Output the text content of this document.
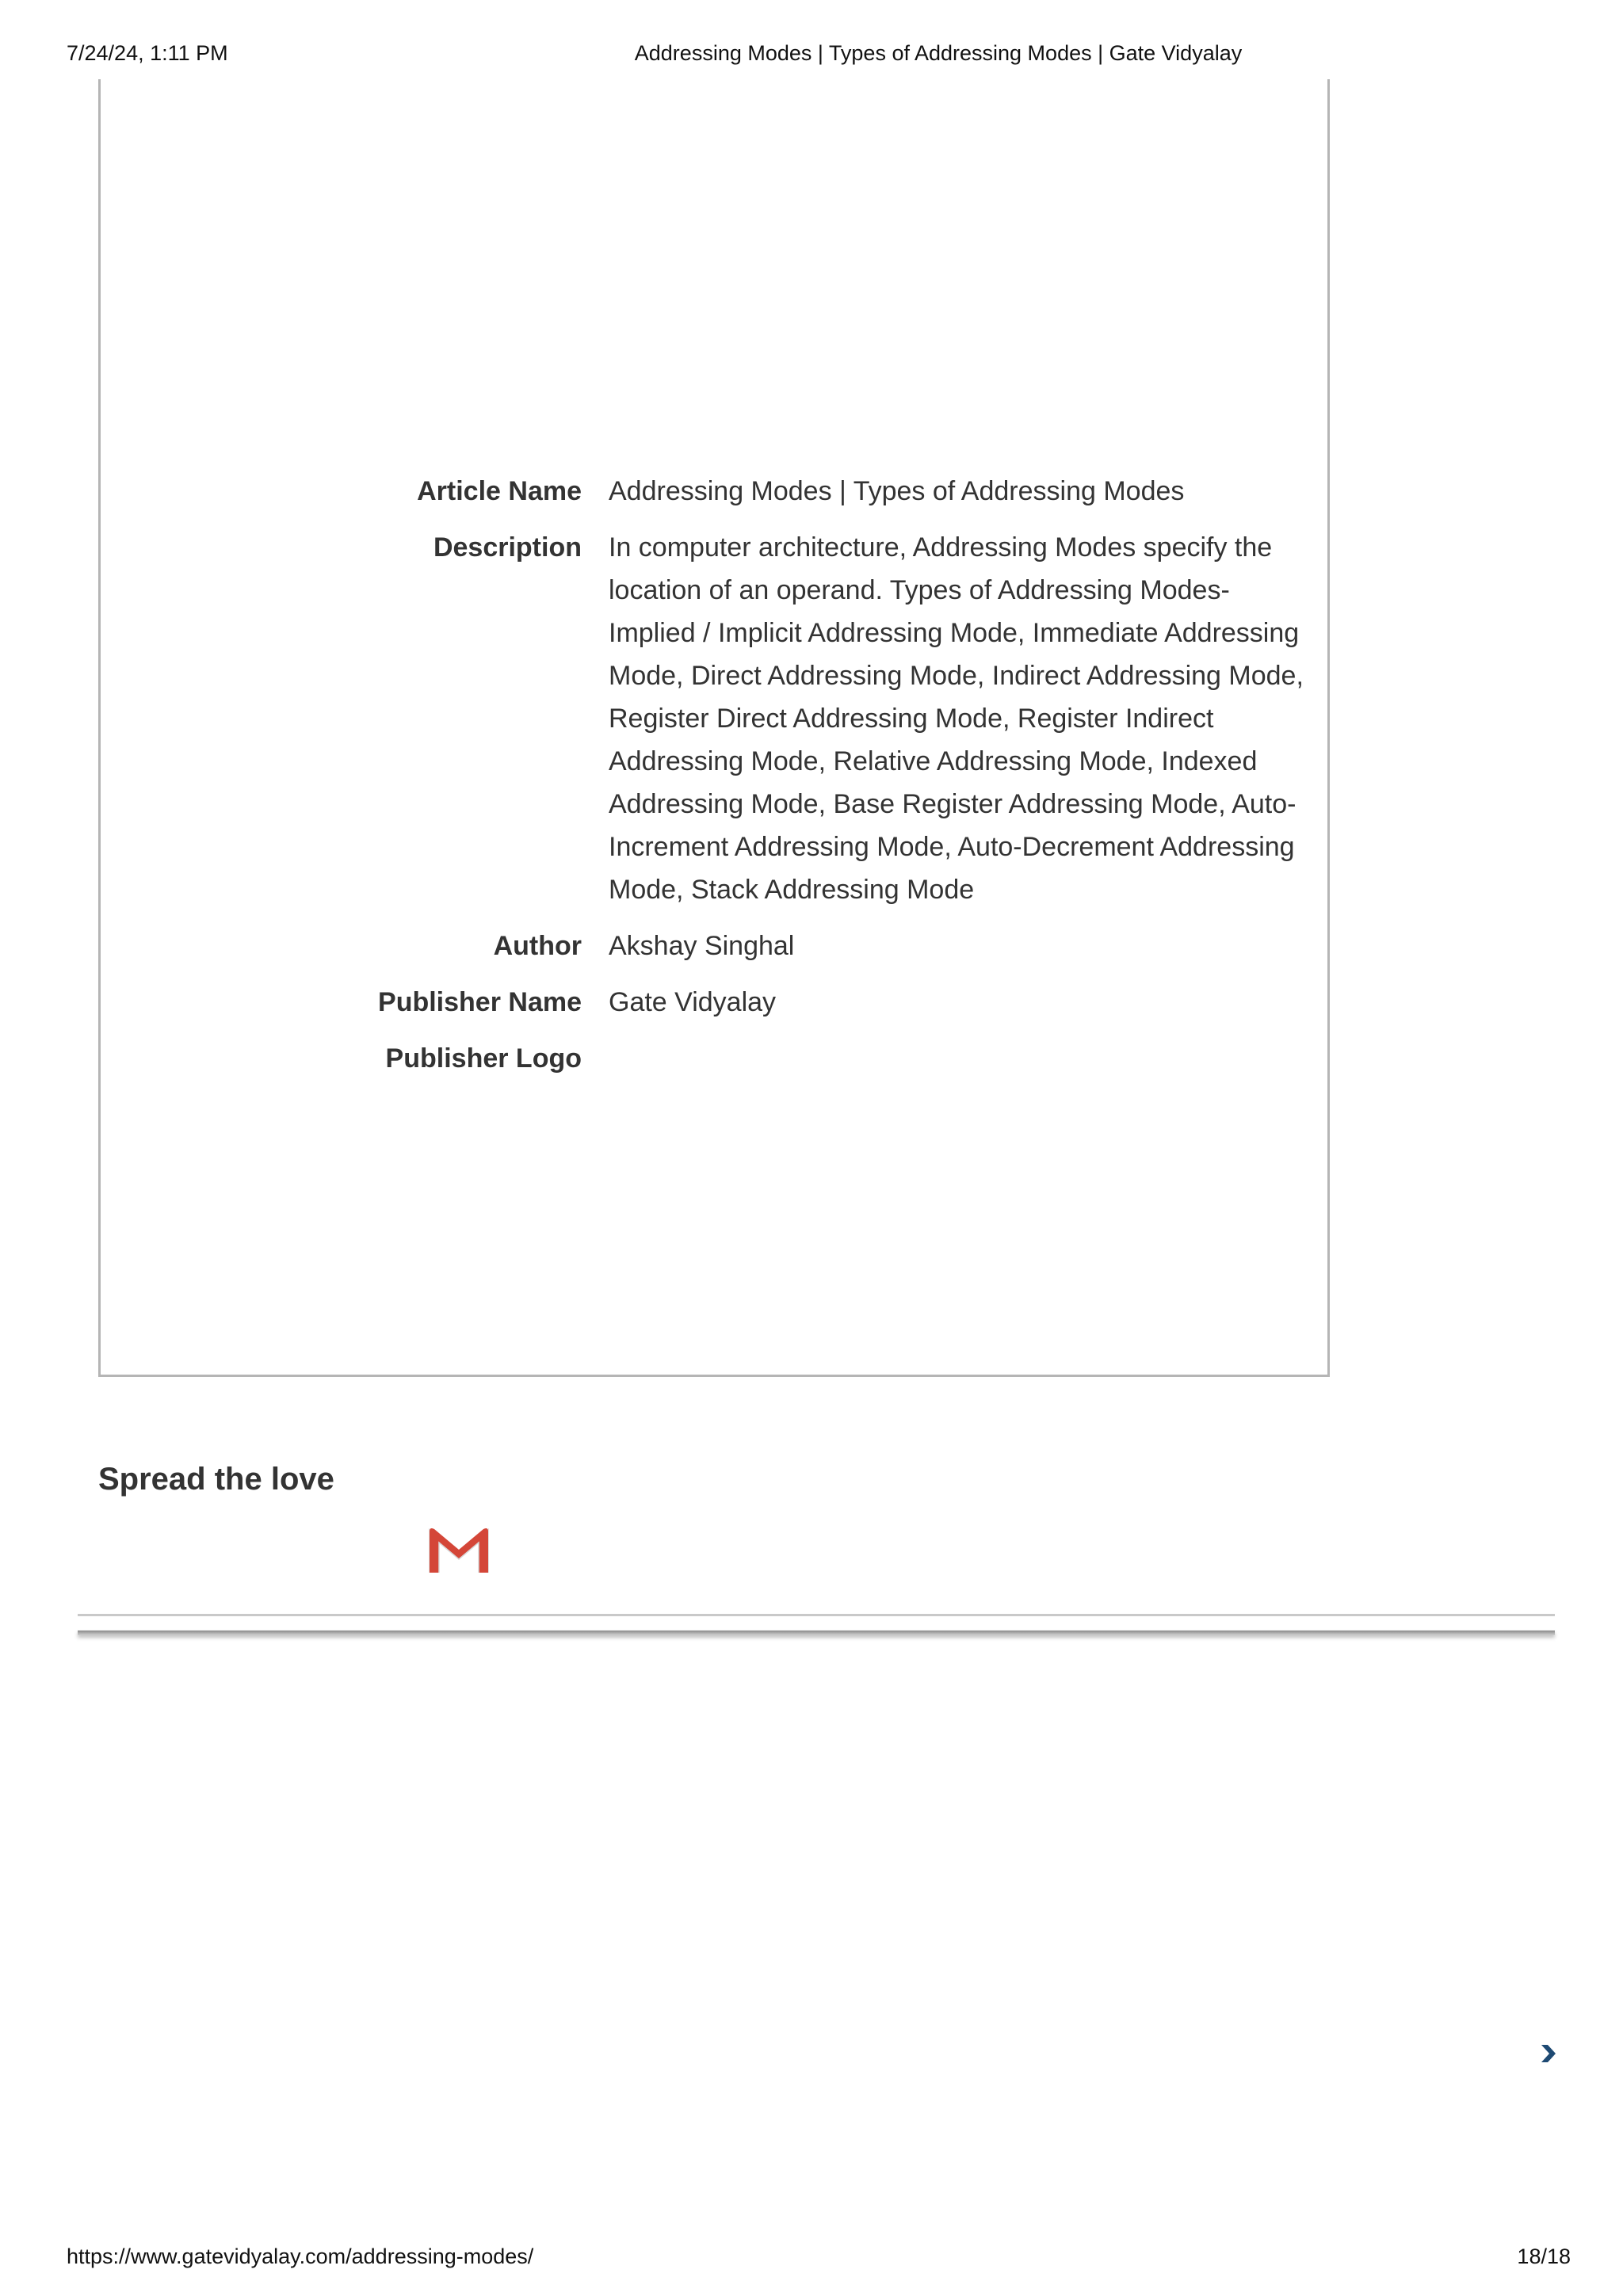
7/24/24, 1:11 PM	Addressing Modes | Types of Addressing Modes | Gate Vidyalay
Article Name	Addressing Modes | Types of Addressing Modes
Description	In computer architecture, Addressing Modes specify the location of an operand. Types of Addressing Modes- Implied / Implicit Addressing Mode, Immediate Addressing Mode, Direct Addressing Mode, Indirect Addressing Mode, Register Direct Addressing Mode, Register Indirect Addressing Mode, Relative Addressing Mode, Indexed Addressing Mode, Base Register Addressing Mode, Auto-Increment Addressing Mode, Auto-Decrement Addressing Mode, Stack Addressing Mode
Author	Akshay Singhal
Publisher Name	Gate Vidyalay
Publisher Logo	
Spread the love
https://www.gatevidyalay.com/addressing-modes/	18/18
